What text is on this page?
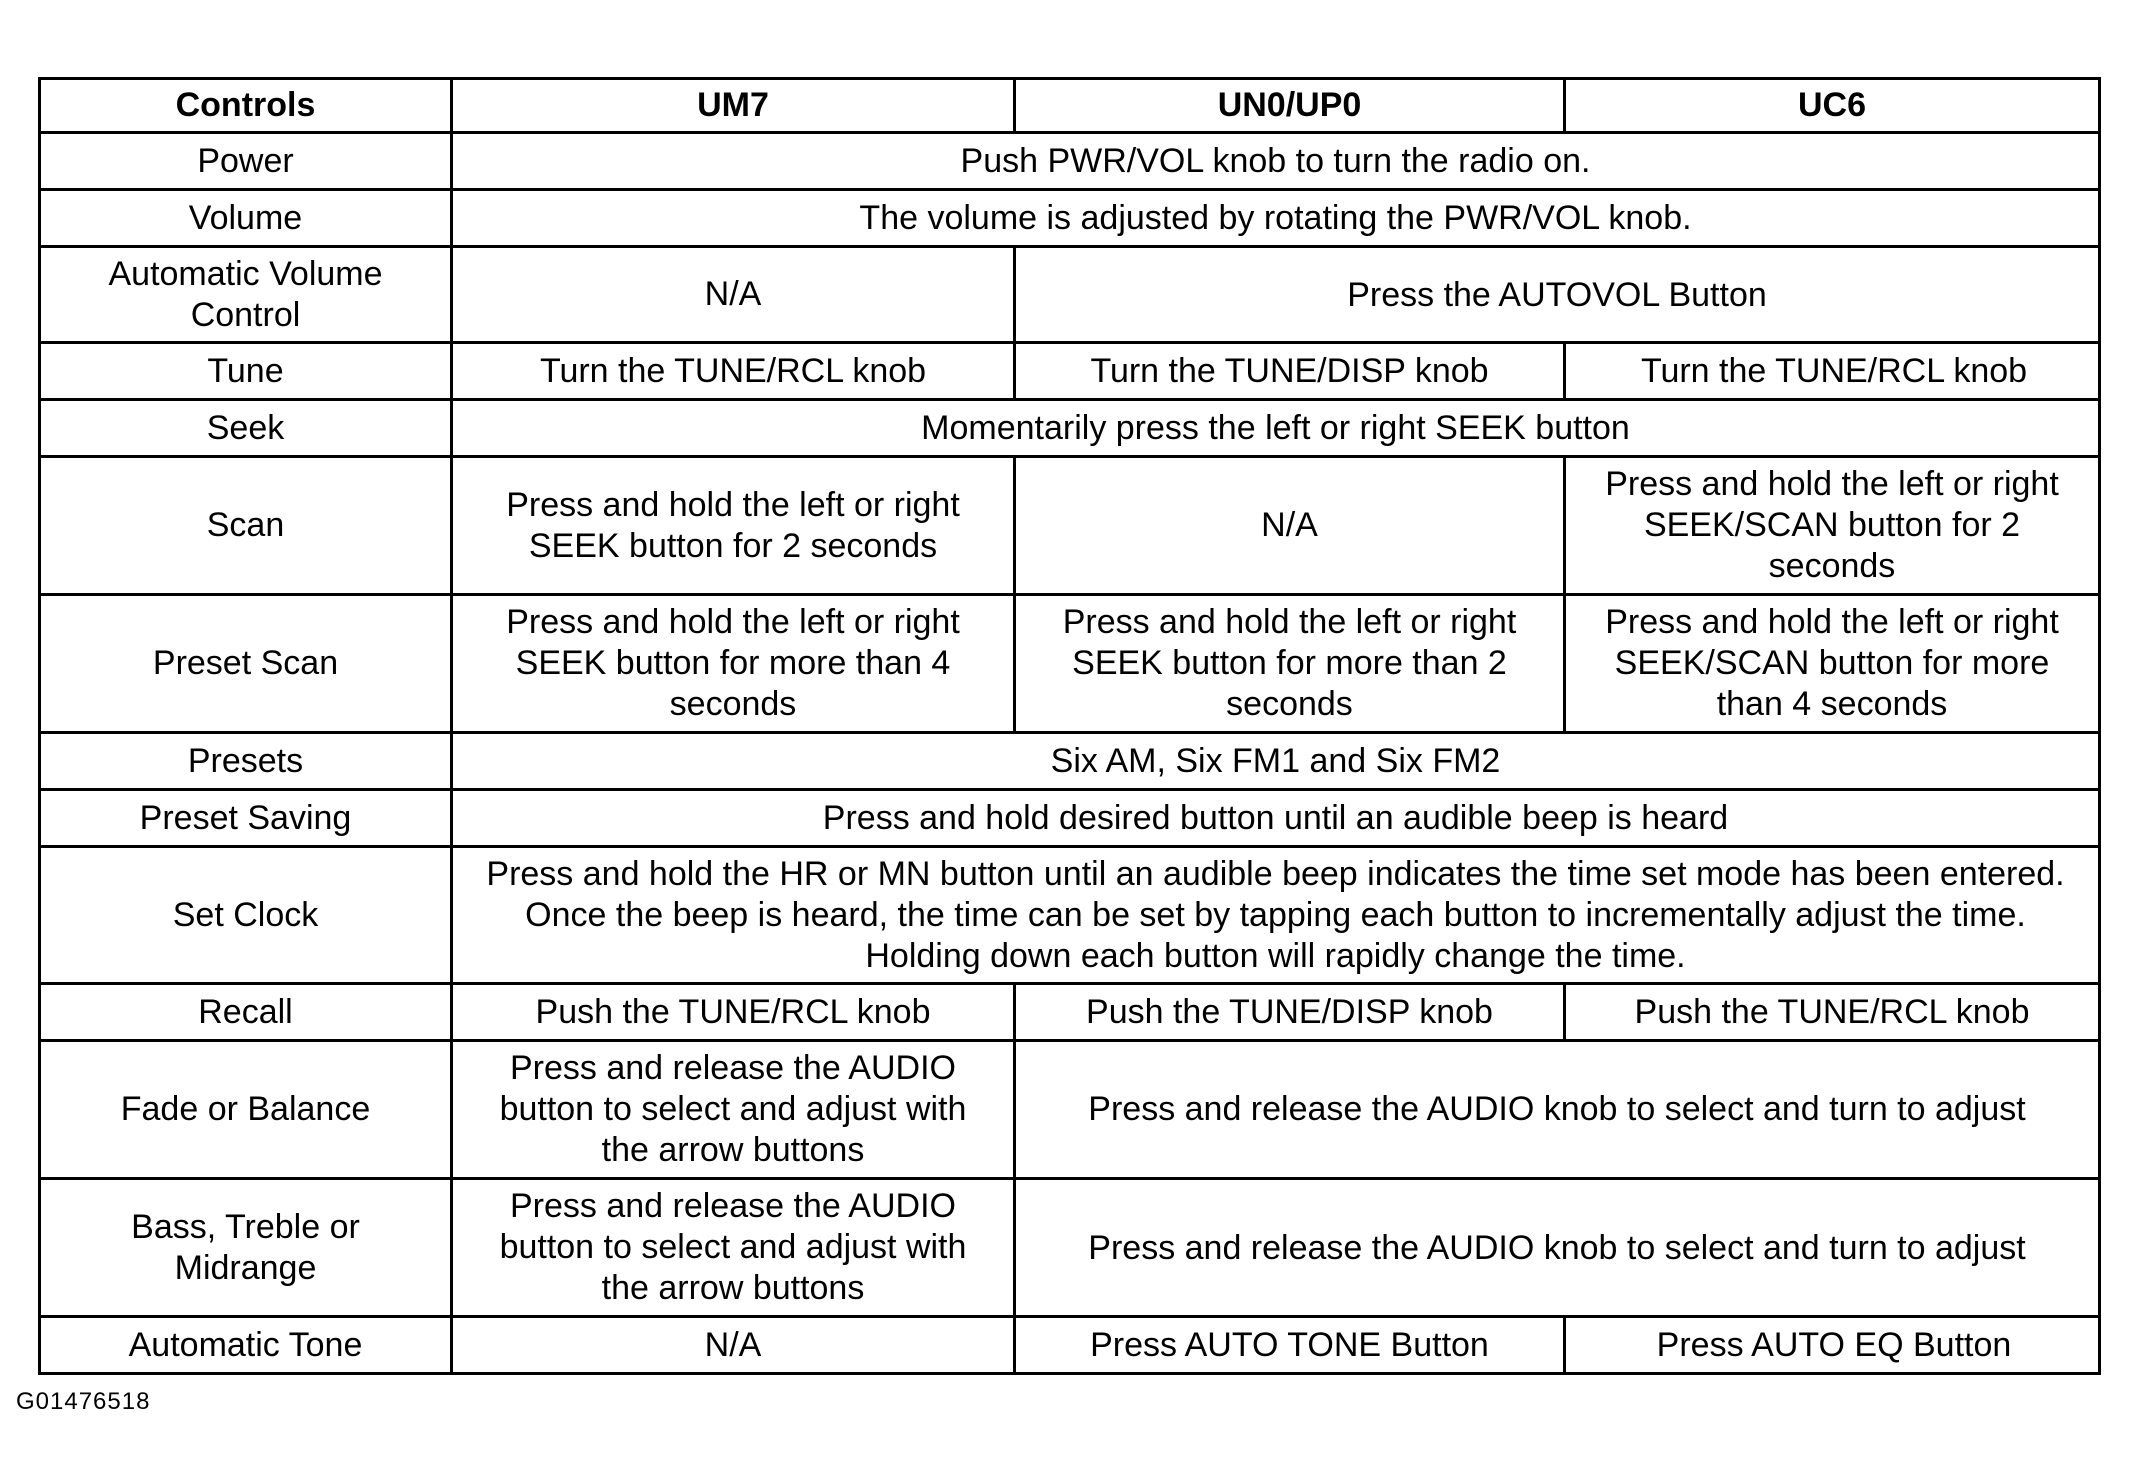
Controls	UM7	UN0/UP0	UC6
Power	Push PWR/VOL knob to turn the radio on.		
Volume	The volume is adjusted by rotating the PWR/VOL knob.		
Automatic Volume Control	N/A	Press the AUTOVOL Button	
Tune	Turn the TUNE/RCL knob	Turn the TUNE/DISP knob	Turn the TUNE/RCL knob
Seek	Momentarily press the left or right SEEK button		
Scan	Press and hold the left or right SEEK button for 2 seconds	N/A	Press and hold the left or right SEEK/SCAN button for 2 seconds
Preset Scan	Press and hold the left or right SEEK button for more than 4 seconds	Press and hold the left or right SEEK button for more than 2 seconds	Press and hold the left or right SEEK/SCAN button for more than 4 seconds
Presets	Six AM, Six FM1 and Six FM2		
Preset Saving	Press and hold desired button until an audible beep is heard		
Set Clock	Press and hold the HR or MN button until an audible beep indicates the time set mode has been entered. Once the beep is heard, the time can be set by tapping each button to incrementally adjust the time. Holding down each button will rapidly change the time.		
Recall	Push the TUNE/RCL knob	Push the TUNE/DISP knob	Push the TUNE/RCL knob
Fade or Balance	Press and release the AUDIO button to select and adjust with the arrow buttons	Press and release the AUDIO knob to select and turn to adjust	
Bass, Treble or Midrange	Press and release the AUDIO button to select and adjust with the arrow buttons	Press and release the AUDIO knob to select and turn to adjust	
Automatic Tone	N/A	Press AUTO TONE Button	Press AUTO EQ Button
G01476518
